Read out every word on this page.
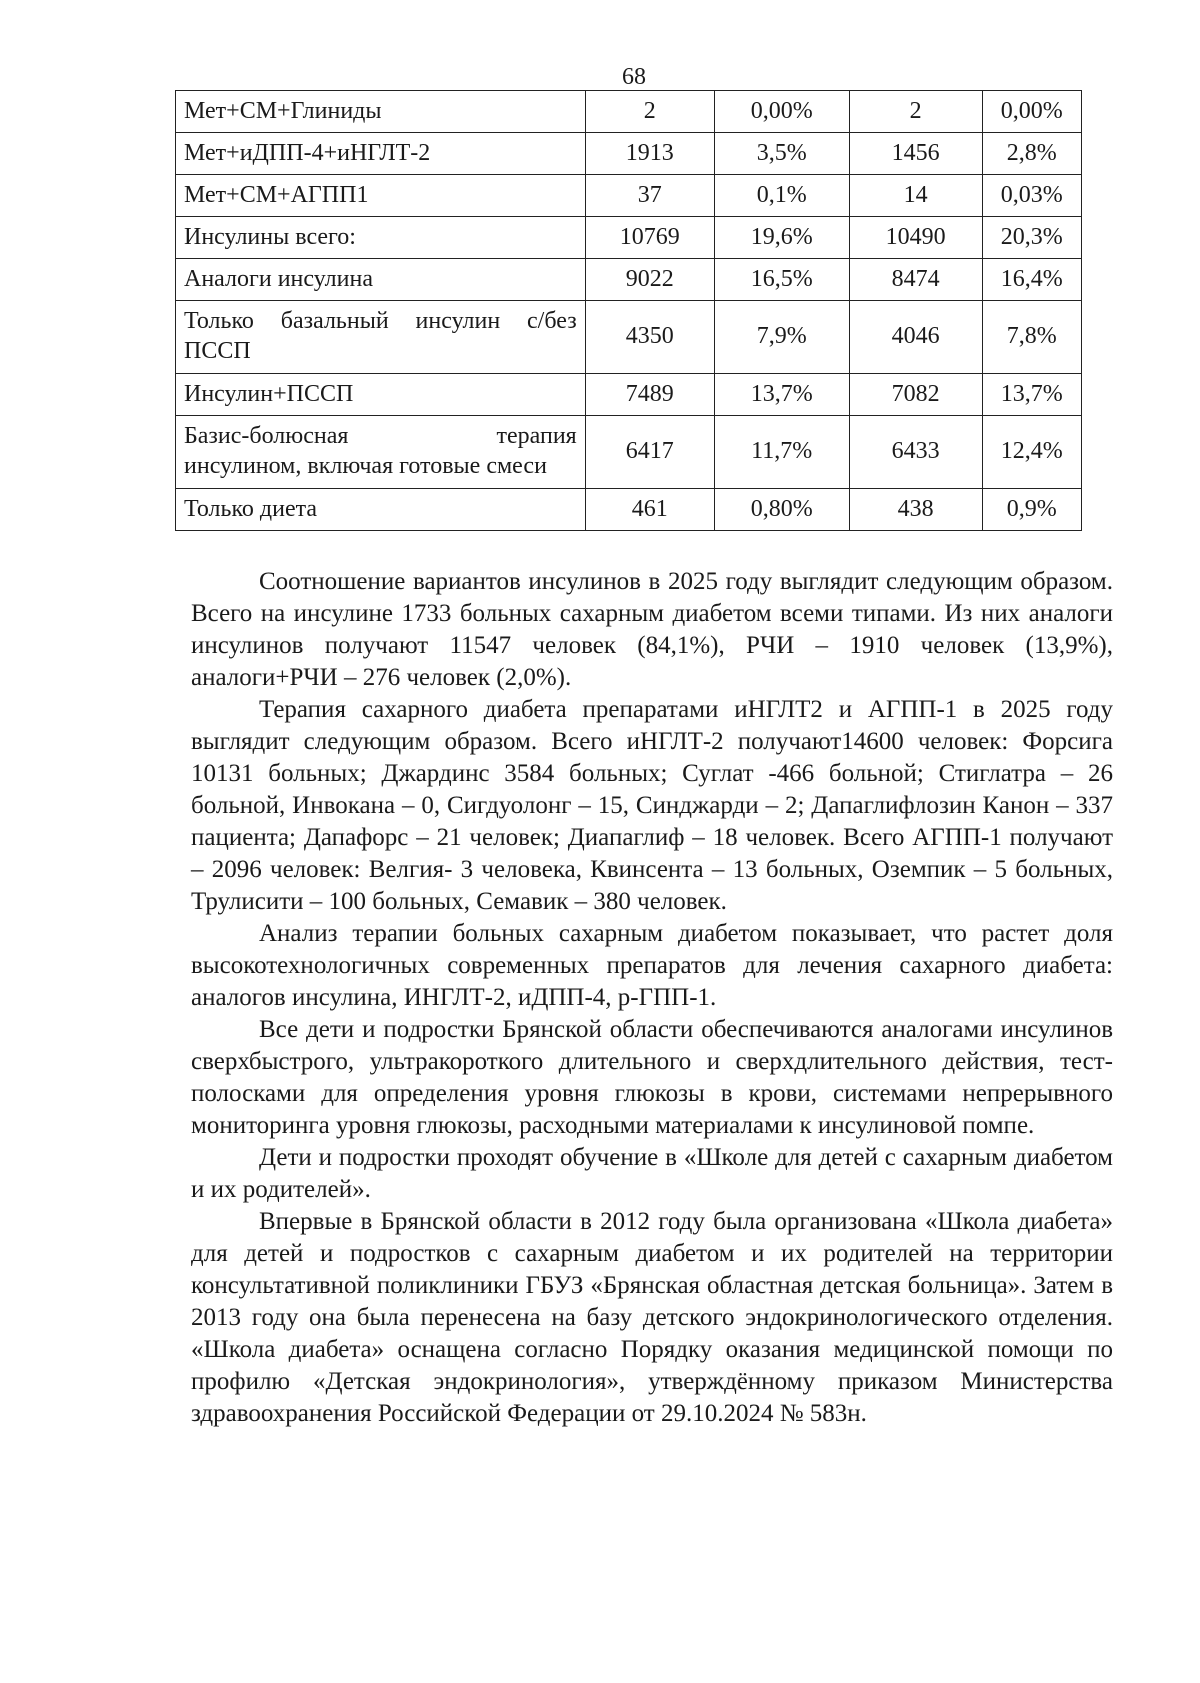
68
Мет+СМ+Глиниды	2	0,00%	2	0,00%
Мет+иДПП-4+иНГЛТ-2	1913	3,5%	1456	2,8%
Мет+СМ+АГПП1	37	0,1%	14	0,03%
Инсулины всего:	10769	19,6%	10490	20,3%
Аналоги инсулина	9022	16,5%	8474	16,4%

Только базальный инсулин с/без
ПССП	4350	7,9%	4046	7,8%
Инсулин+ПССП	7489	13,7%	7082	13,7%

Базис-болюсная терапия
инсулином, включая готовые смеси	6417	11,7%	6433	12,4%
Только диета	461	0,80%	438	0,9%

Соотношение вариантов инсулинов в 2025 году выглядит следующим образом. Всего на инсулине 1733 больных сахарным диабетом всеми типами. Из них аналоги инсулинов получают 11547 человек (84,1%), РЧИ – 1910 человек (13,9%), аналоги+РЧИ – 276 человек (2,0%).

Терапия сахарного диабета препаратами иНГЛТ2 и АГПП-1 в 2025 году выглядит следующим образом. Всего иНГЛТ-2 получают14600 человек: Форсига 10131 больных; Джардинс 3584 больных; Суглат -466 больной; Стиглатра – 26 больной, Инвокана – 0, Сигдуолонг – 15, Синджарди – 2; Дапаглифлозин Канон – 337 пациента; Дапафорс – 21 человек; Диапаглиф – 18 человек. Всего АГПП-1 получают – 2096 человек: Велгия- 3 человека, Квинсента – 13 больных, Оземпик – 5 больных, Трулисити – 100 больных, Семавик – 380 человек.

Анализ терапии больных сахарным диабетом показывает, что растет доля высокотехнологичных современных препаратов для лечения сахарного диабета: аналогов инсулина, ИНГЛТ-2, иДПП-4, р-ГПП-1.

Все дети и подростки Брянской области обеспечиваются аналогами инсулинов сверхбыстрого, ультракороткого длительного и сверхдлительного действия, тест-полосками для определения уровня глюкозы в крови, системами непрерывного мониторинга уровня глюкозы, расходными материалами к инсулиновой помпе.

Дети и подростки проходят обучение в «Школе для детей с сахарным диабетом и их родителей».

Впервые в Брянской области в 2012 году была организована «Школа диабета» для детей и подростков с сахарным диабетом и их родителей на территории консультативной поликлиники ГБУЗ «Брянская областная детская больница». Затем в 2013 году она была перенесена на базу детского эндокринологического отделения. «Школа диабета» оснащена согласно Порядку оказания медицинской помощи по профилю «Детская эндокринология», утверждённому приказом Министерства здравоохранения Российской Федерации от 29.10.2024 № 583н.
